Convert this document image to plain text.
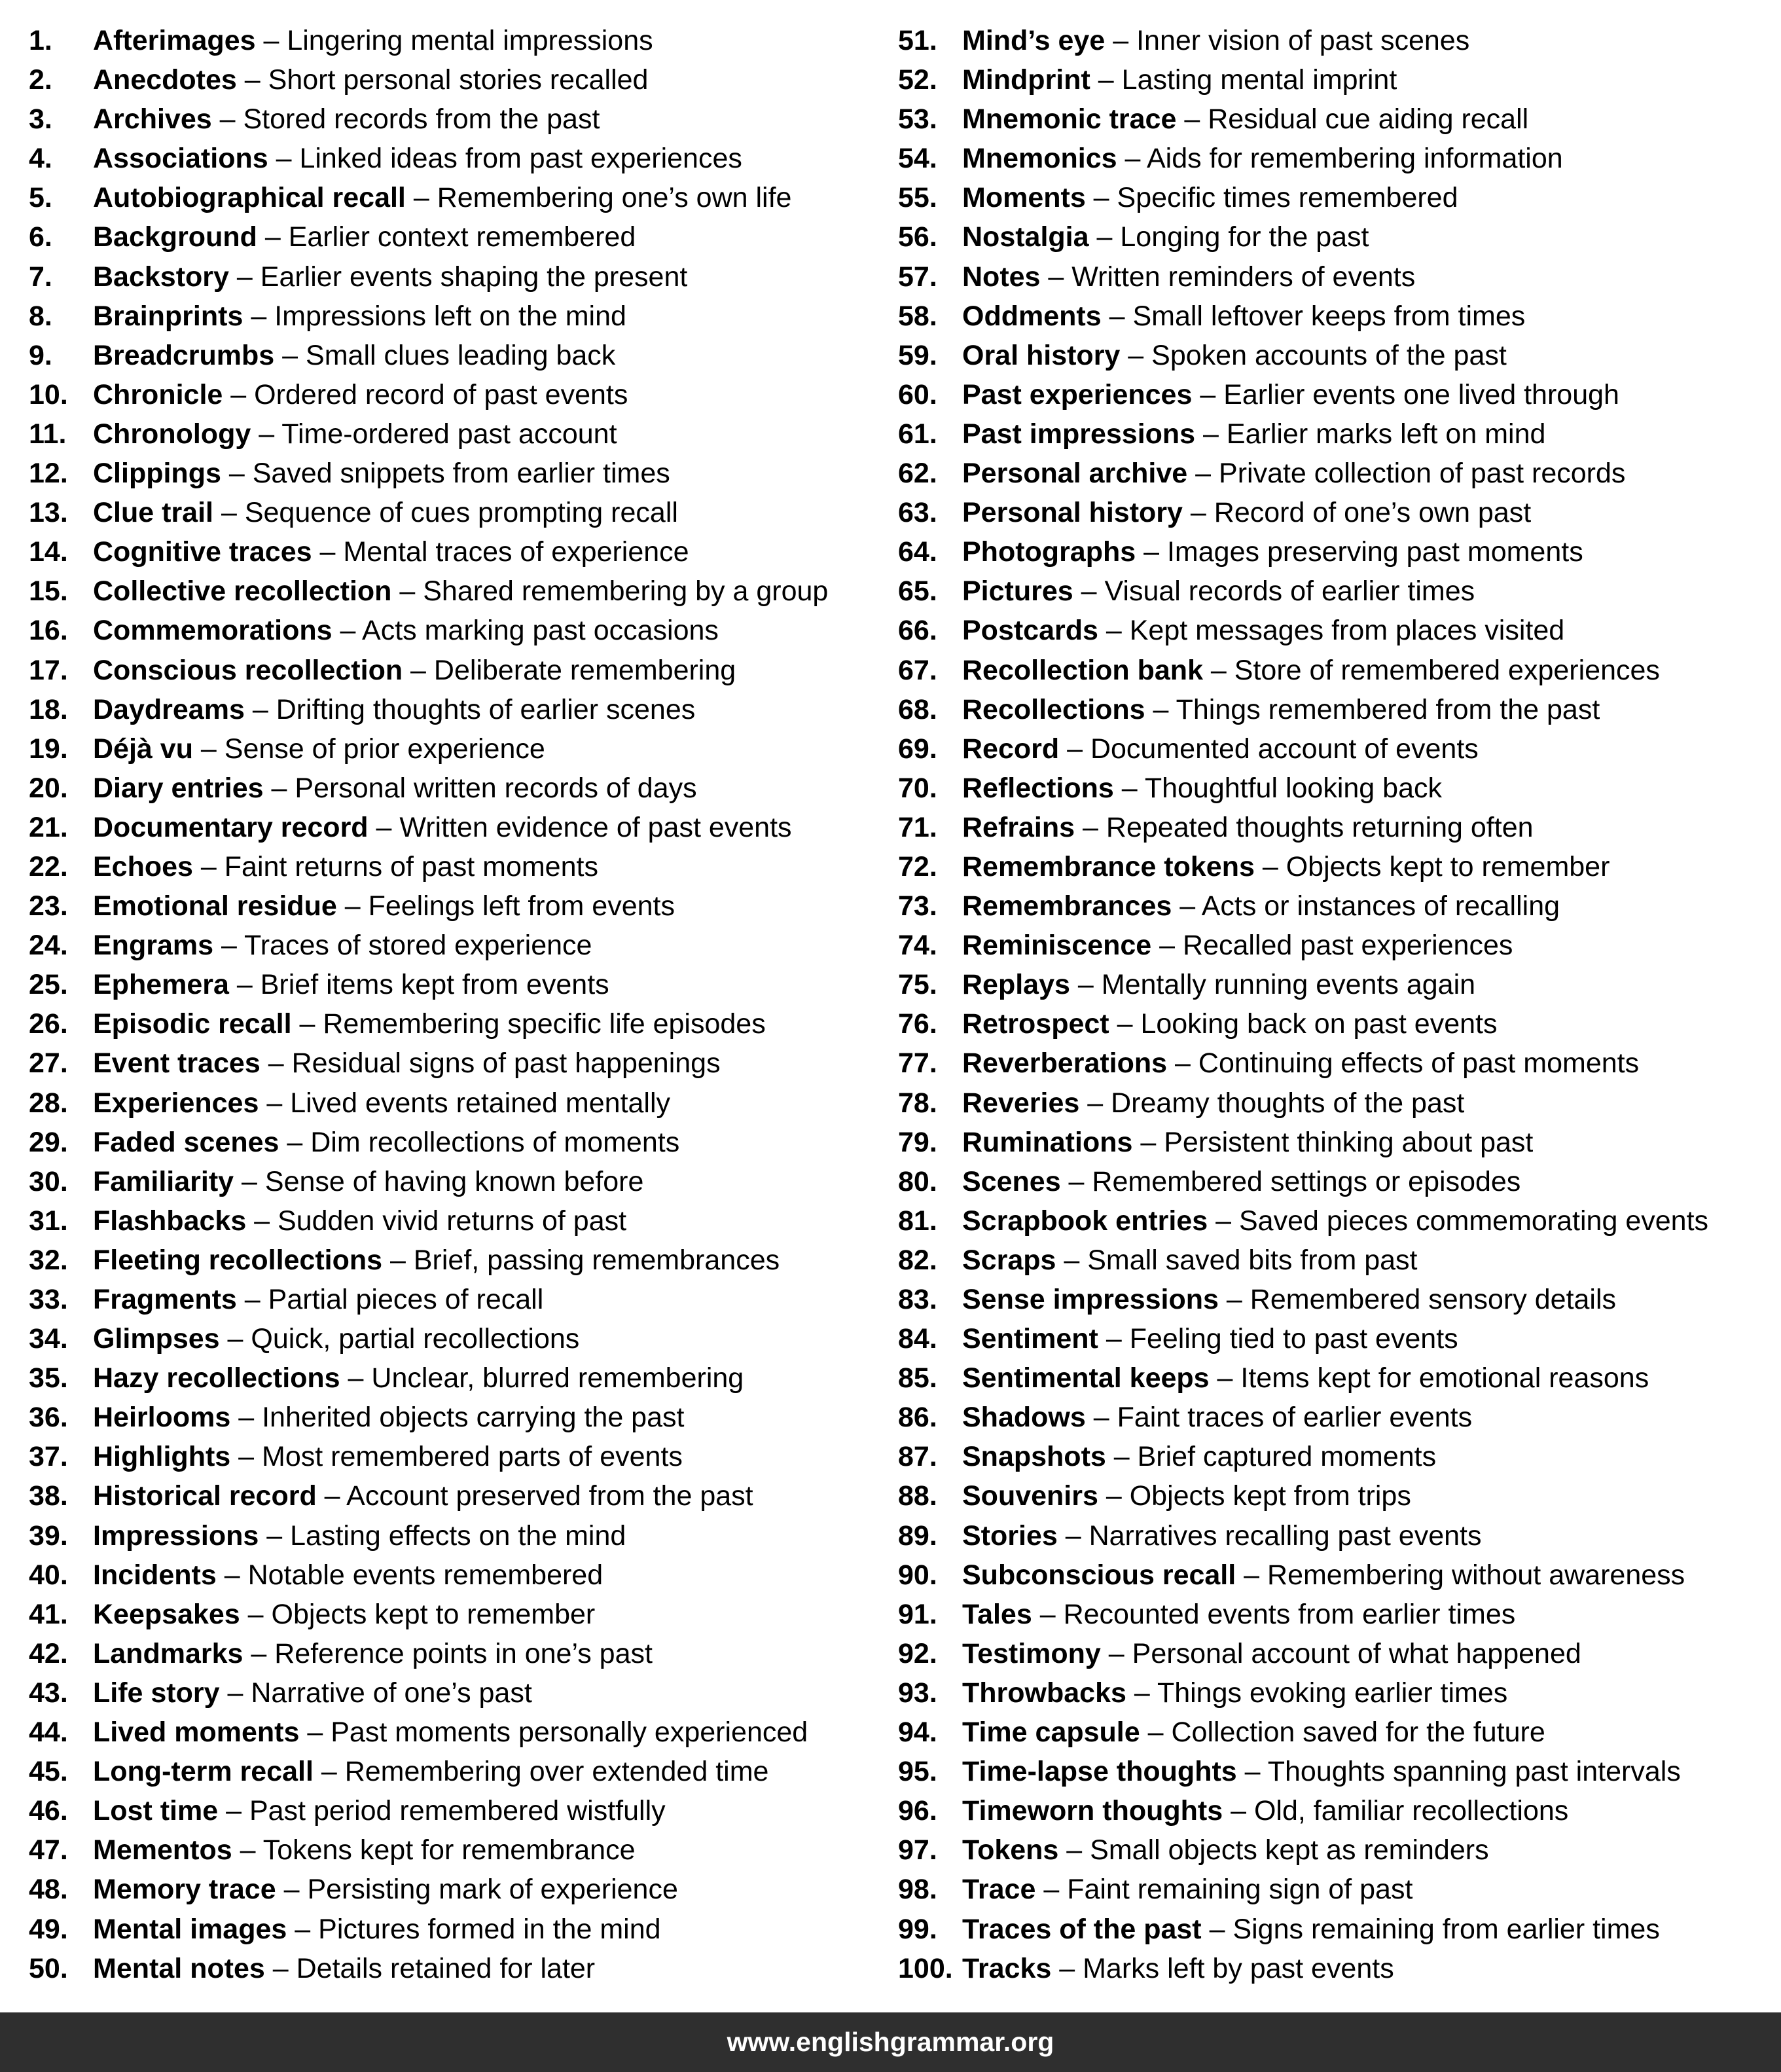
1. Afterimages – Lingering mental impressions
2. Anecdotes – Short personal stories recalled
3. Archives – Stored records from the past
4. Associations – Linked ideas from past experiences
5. Autobiographical recall – Remembering one’s own life
6. Background – Earlier context remembered
7. Backstory – Earlier events shaping the present
8. Brainprints – Impressions left on the mind
9. Breadcrumbs – Small clues leading back
10. Chronicle – Ordered record of past events
11. Chronology – Time-ordered past account
12. Clippings – Saved snippets from earlier times
13. Clue trail – Sequence of cues prompting recall
14. Cognitive traces – Mental traces of experience
15. Collective recollection – Shared remembering by a group
16. Commemorations – Acts marking past occasions
17. Conscious recollection – Deliberate remembering
18. Daydreams – Drifting thoughts of earlier scenes
19. Déjà vu – Sense of prior experience
20. Diary entries – Personal written records of days
21. Documentary record – Written evidence of past events
22. Echoes – Faint returns of past moments
23. Emotional residue – Feelings left from events
24. Engrams – Traces of stored experience
25. Ephemera – Brief items kept from events
26. Episodic recall – Remembering specific life episodes
27. Event traces – Residual signs of past happenings
28. Experiences – Lived events retained mentally
29. Faded scenes – Dim recollections of moments
30. Familiarity – Sense of having known before
31. Flashbacks – Sudden vivid returns of past
32. Fleeting recollections – Brief, passing remembrances
33. Fragments – Partial pieces of recall
34. Glimpses – Quick, partial recollections
35. Hazy recollections – Unclear, blurred remembering
36. Heirlooms – Inherited objects carrying the past
37. Highlights – Most remembered parts of events
38. Historical record – Account preserved from the past
39. Impressions – Lasting effects on the mind
40. Incidents – Notable events remembered
41. Keepsakes – Objects kept to remember
42. Landmarks – Reference points in one’s past
43. Life story – Narrative of one’s past
44. Lived moments – Past moments personally experienced
45. Long-term recall – Remembering over extended time
46. Lost time – Past period remembered wistfully
47. Mementos – Tokens kept for remembrance
48. Memory trace – Persisting mark of experience
49. Mental images – Pictures formed in the mind
50. Mental notes – Details retained for later
51. Mind’s eye – Inner vision of past scenes
52. Mindprint – Lasting mental imprint
53. Mnemonic trace – Residual cue aiding recall
54. Mnemonics – Aids for remembering information
55. Moments – Specific times remembered
56. Nostalgia – Longing for the past
57. Notes – Written reminders of events
58. Oddments – Small leftover keeps from times
59. Oral history – Spoken accounts of the past
60. Past experiences – Earlier events one lived through
61. Past impressions – Earlier marks left on mind
62. Personal archive – Private collection of past records
63. Personal history – Record of one’s own past
64. Photographs – Images preserving past moments
65. Pictures – Visual records of earlier times
66. Postcards – Kept messages from places visited
67. Recollection bank – Store of remembered experiences
68. Recollections – Things remembered from the past
69. Record – Documented account of events
70. Reflections – Thoughtful looking back
71. Refrains – Repeated thoughts returning often
72. Remembrance tokens – Objects kept to remember
73. Remembrances – Acts or instances of recalling
74. Reminiscence – Recalled past experiences
75. Replays – Mentally running events again
76. Retrospect – Looking back on past events
77. Reverberations – Continuing effects of past moments
78. Reveries – Dreamy thoughts of the past
79. Ruminations – Persistent thinking about past
80. Scenes – Remembered settings or episodes
81. Scrapbook entries – Saved pieces commemorating events
82. Scraps – Small saved bits from past
83. Sense impressions – Remembered sensory details
84. Sentiment – Feeling tied to past events
85. Sentimental keeps – Items kept for emotional reasons
86. Shadows – Faint traces of earlier events
87. Snapshots – Brief captured moments
88. Souvenirs – Objects kept from trips
89. Stories – Narratives recalling past events
90. Subconscious recall – Remembering without awareness
91. Tales – Recounted events from earlier times
92. Testimony – Personal account of what happened
93. Throwbacks – Things evoking earlier times
94. Time capsule – Collection saved for the future
95. Time-lapse thoughts – Thoughts spanning past intervals
96. Timeworn thoughts – Old, familiar recollections
97. Tokens – Small objects kept as reminders
98. Trace – Faint remaining sign of past
99. Traces of the past – Signs remaining from earlier times
100. Tracks – Marks left by past events
www.englishgrammar.org
